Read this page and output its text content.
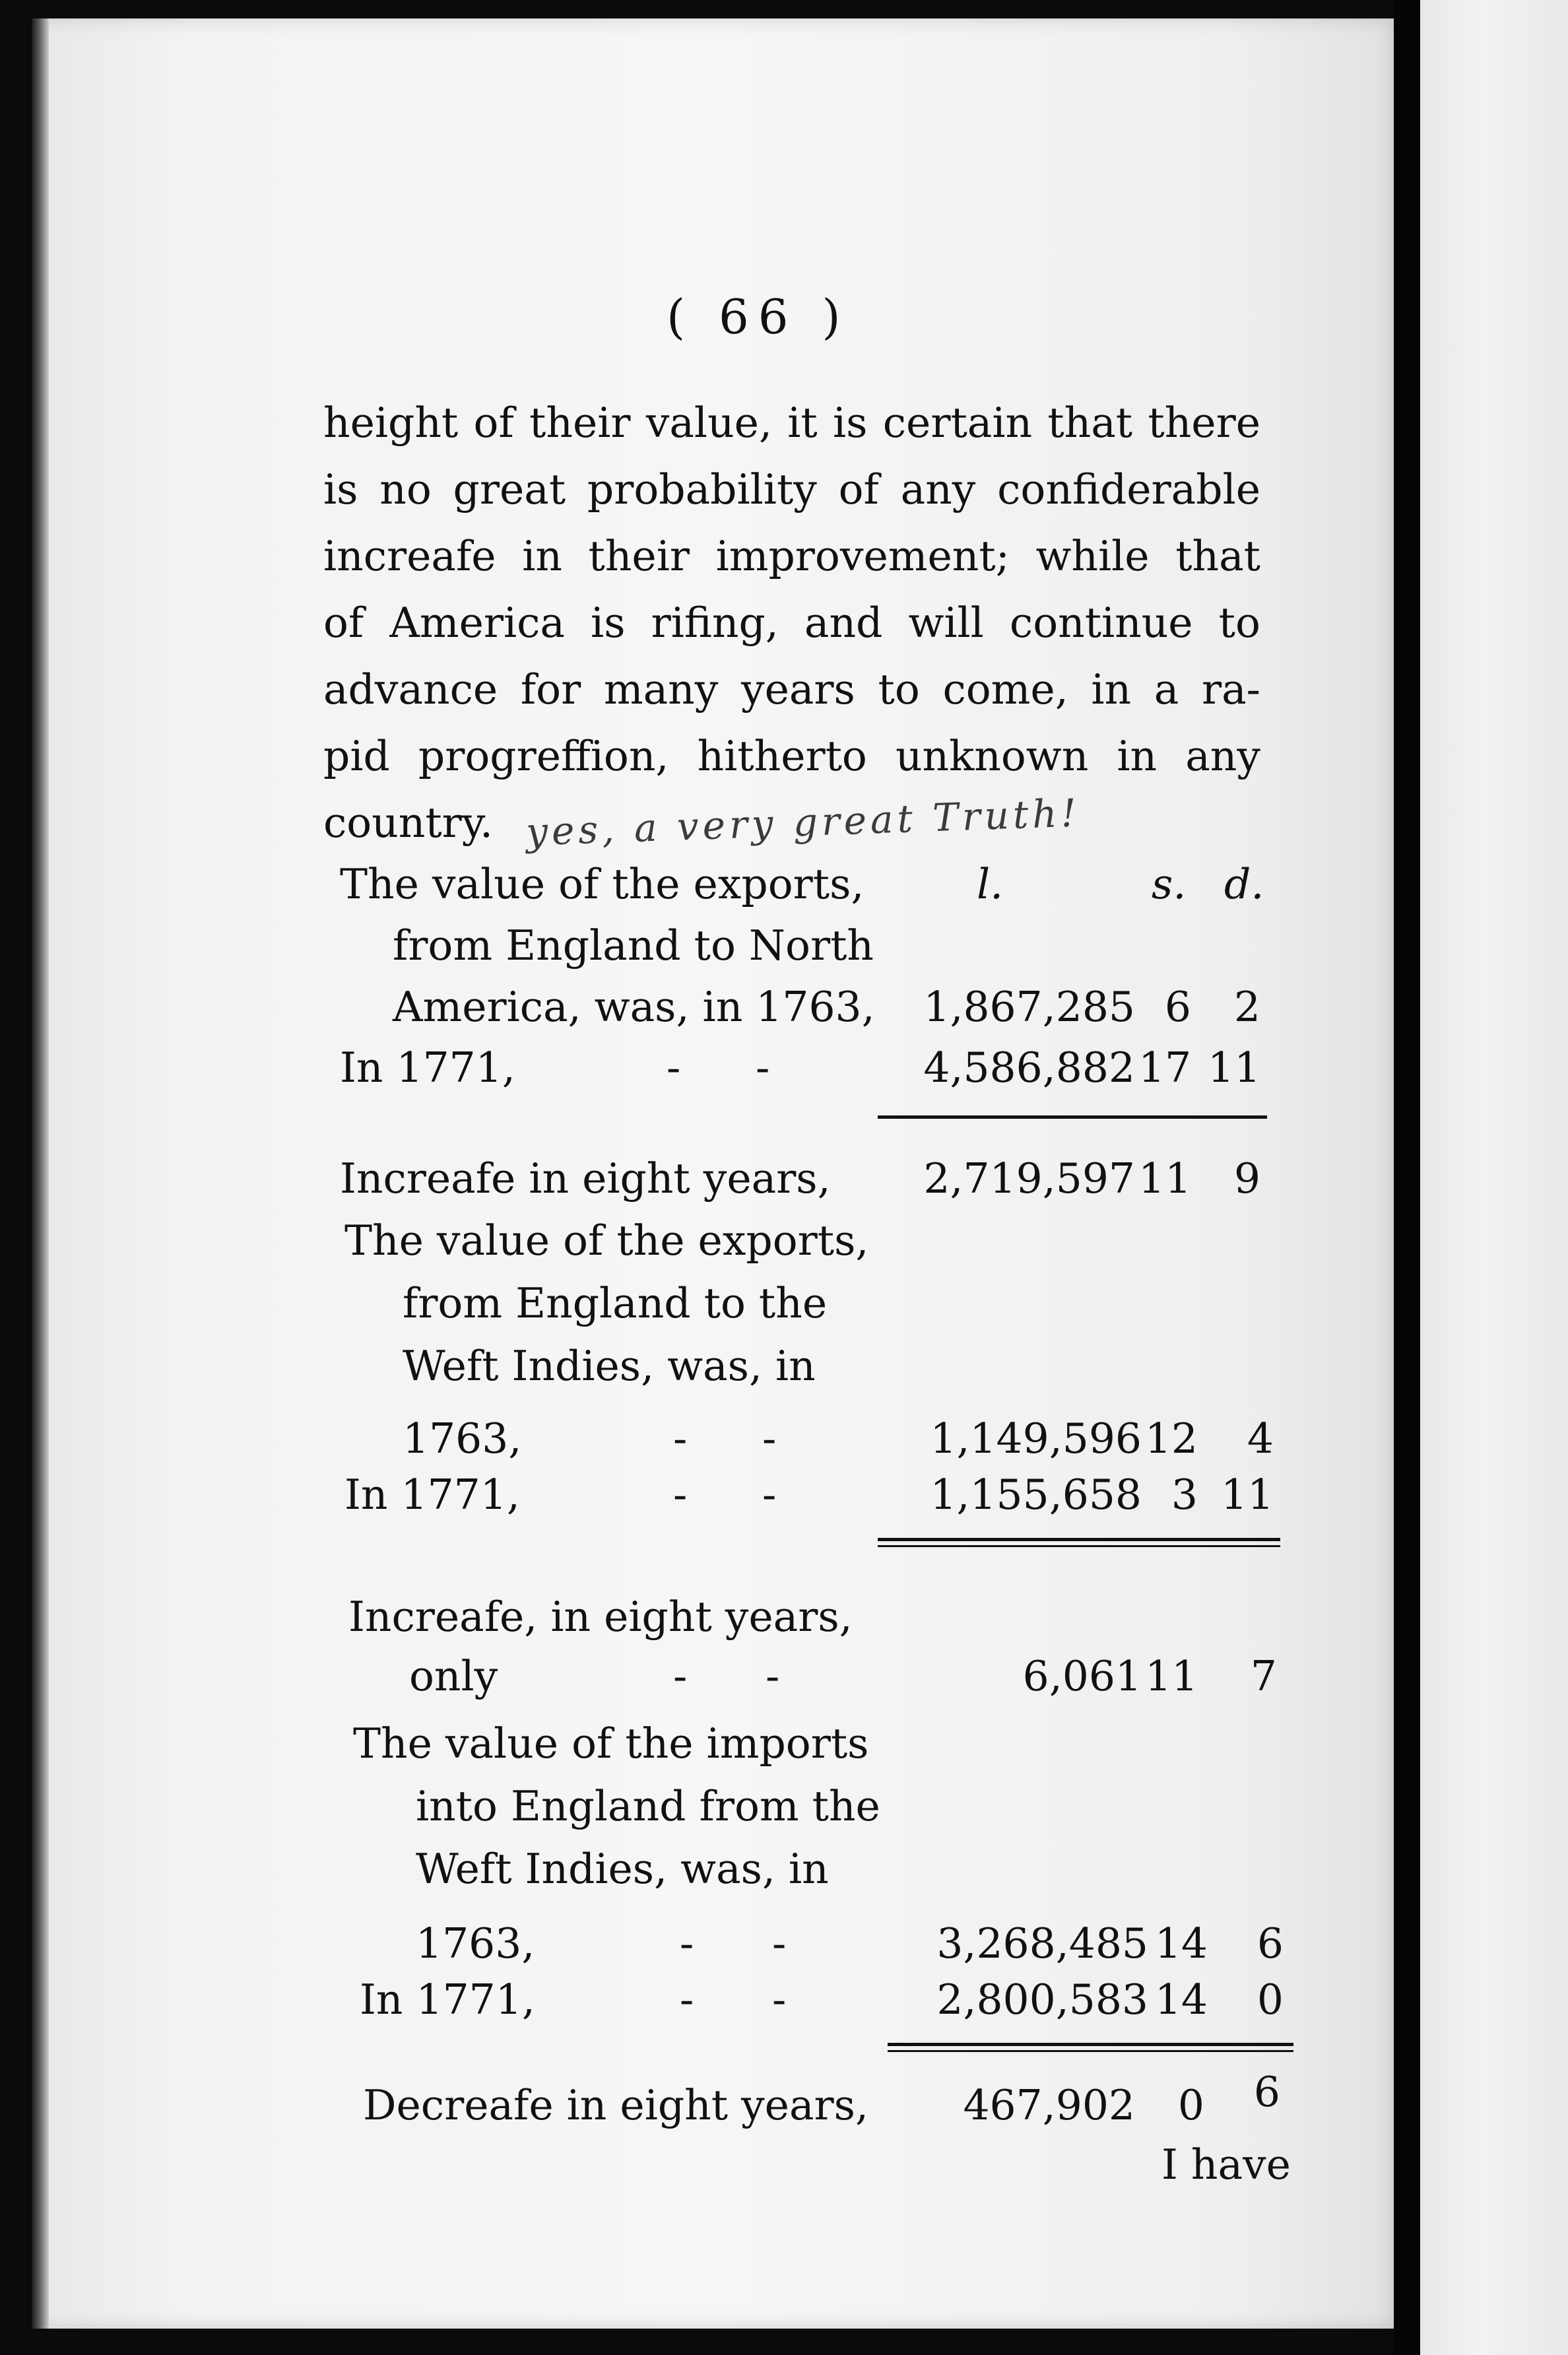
( 66 )
height of their value, it is certain that there
is no great probability of any confiderable
increafe in their improvement; while that
of America is rifing, and will continue to
advance for many years to come, in a ra-
pid progreffion, hitherto unknown in any
country. yes, a very great Truth!
l.	s. d.
The value of the exports,
from England to North
America, was, in 1763,	1,867,285 6	2
In 1771,	- -	4,586,882 17 11
Increafe in eight years,	2,719,597 11	9
The value of the exports,
from England to the
Weft Indies, was, in
1763,	- -	1,149,596 12	4
In 1771,	- -	1,155,658 3 11
Increafe, in eight years,
only	- -	6,061 11	7
The value of the imports
into England from the
Weft Indies, was, in
1763,	- -	3,268,485 14	6
In 1771,	- -	2,800,583 14	0
Decreafe in eight years,	467,902	0	6
I have
